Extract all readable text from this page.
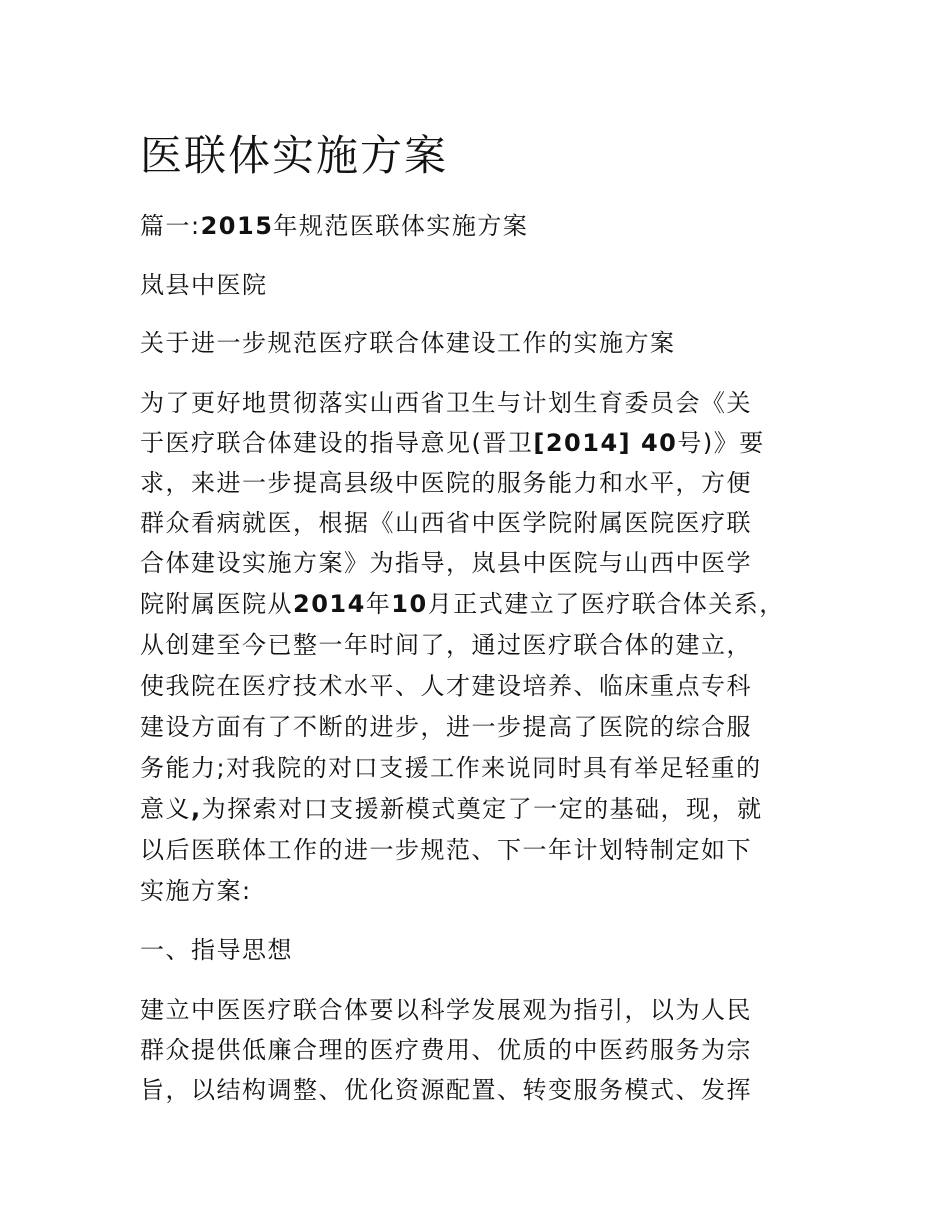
医联体实施方案

篇一:2015年规范医联体实施方案

岚县中医院

关于进一步规范医疗联合体建设工作的实施方案

为了更好地贯彻落实山西省卫生与计划生育委员会《关

于医疗联合体建设的指导意见(晋卫[2014] 40号)》要

求，来进一步提高县级中医院的服务能力和水平，方便

群众看病就医，根据《山西省中医学院附属医院医疗联

合体建设实施方案》为指导，岚县中医院与山西中医学

院附属医院从2014年10月正式建立了医疗联合体关系，

从创建至今已整一年时间了，通过医疗联合体的建立，

使我院在医疗技术水平、人才建设培养、临床重点专科

建设方面有了不断的进步，进一步提高了医院的综合服

务能力;对我院的对口支援工作来说同时具有举足轻重的

意义,为探索对口支援新模式奠定了一定的基础，现，就

以后医联体工作的进一步规范、下一年计划特制定如下

实施方案:

一、指导思想

建立中医医疗联合体要以科学发展观为指引，以为人民

群众提供低廉合理的医疗费用、优质的中医药服务为宗

旨，以结构调整、优化资源配置、转变服务模式、发挥
